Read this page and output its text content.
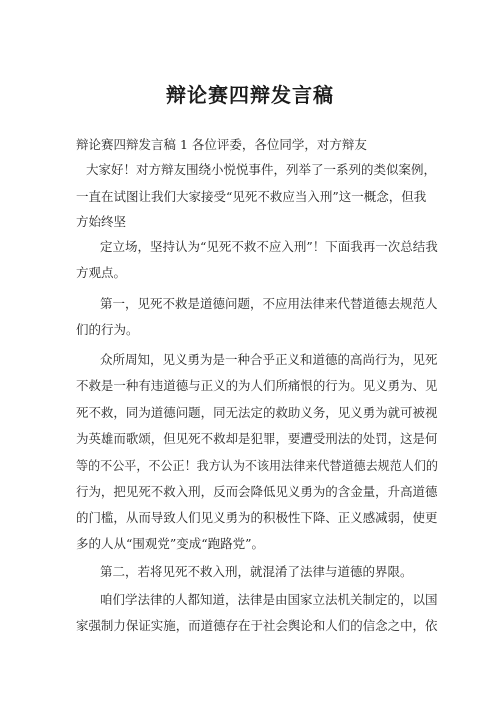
辩论赛四辩发言稿
辩论赛四辩发言稿 1 各位评委，各位同学，对方辩友
大家好！对方辩友围绕小悦悦事件，列举了一系列的类似案例，
一直在试图让我们大家接受“见死不救应当入刑”这一概念，但我
方始终坚
定立场，坚持认为“见死不救不应入刑”！下面我再一次总结我
方观点。
第一，见死不救是道德问题，不应用法律来代替道德去规范人
们的行为。
众所周知，见义勇为是一种合乎正义和道德的高尚行为，见死
不救是一种有违道德与正义的为人们所痛恨的行为。见义勇为、见
死不救，同为道德问题，同无法定的救助义务，见义勇为就可被视
为英雄而歌颂，但见死不救却是犯罪，要遭受刑法的处罚，这是何
等的不公平，不公正！我方认为不该用法律来代替道德去规范人们的
行为，把见死不救入刑，反而会降低见义勇为的含金量，升高道德
的门槛，从而导致人们见义勇为的积极性下降、正义感减弱，使更
多的人从“围观党”变成“跑路党”。
第二，若将见死不救入刑，就混淆了法律与道德的界限。
咱们学法律的人都知道，法律是由国家立法机关制定的，以国
家强制力保证实施，而道德存在于社会舆论和人们的信念之中，依
